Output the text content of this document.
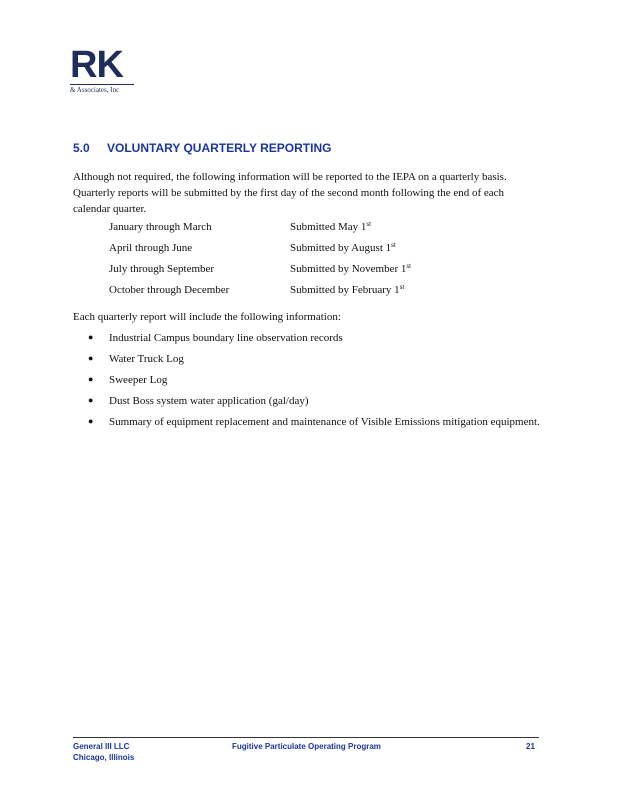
RK
& Associates, Inc
5.0 VOLUNTARY QUARTERLY REPORTING
Although not required, the following information will be reported to the IEPA on a quarterly basis. Quarterly reports will be submitted by the first day of the second month following the end of each calendar quarter.
January through March	Submitted May 1st
April through June	Submitted by August 1st
July through September	Submitted by November 1st
October through December	Submitted by February 1st
Each quarterly report will include the following information:
● Industrial Campus boundary line observation records
● Water Truck Log
● Sweeper Log
● Dust Boss system water application (gal/day)
● Summary of equipment replacement and maintenance of Visible Emissions mitigation equipment.
General III LLC
Chicago, Illinois
Fugitive Particulate Operating Program	21
